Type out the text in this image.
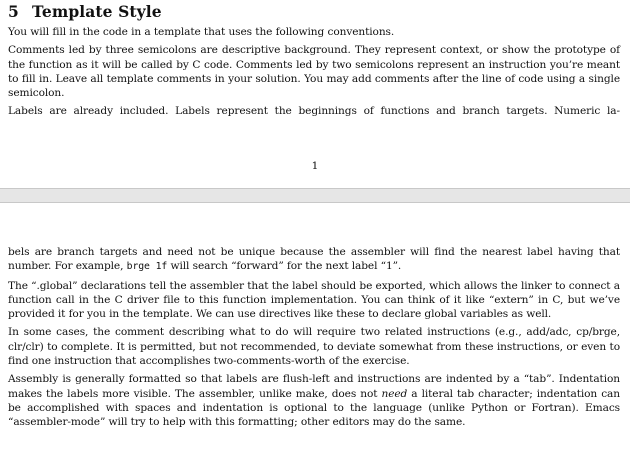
5 Template Style

You will fill in the code in a template that uses the following conventions.

Comments led by three semicolons are descriptive background. They represent context, or show the prototype of the function as it will be called by C code. Comments led by two semicolons represent an instruction you’re meant to fill in. Leave all template comments in your solution. You may add comments after the line of code using a single semicolon.

Labels are already included. Labels represent the beginnings of functions and branch targets. Numeric la-

1

bels are branch targets and need not be unique because the assembler will find the nearest label having that number. For example, brge 1f will search “forward” for the next label “1”.

The “.global” declarations tell the assembler that the label should be exported, which allows the linker to connect a function call in the C driver file to this function implementation. You can think of it like “extern” in C, but we’ve provided it for you in the template. We can use directives like these to declare global variables as well.

In some cases, the comment describing what to do will require two related instructions (e.g., add/adc, cp/brge, clr/clr) to complete. It is permitted, but not recommended, to deviate somewhat from these instructions, or even to find one instruction that accomplishes two-comments-worth of the exercise.

Assembly is generally formatted so that labels are flush-left and instructions are indented by a “tab”. Indentation makes the labels more visible. The assembler, unlike make, does not need a literal tab character; indentation can be accomplished with spaces and indentation is optional to the language (unlike Python or Fortran). Emacs “assembler-mode” will try to help with this formatting; other editors may do the same.
